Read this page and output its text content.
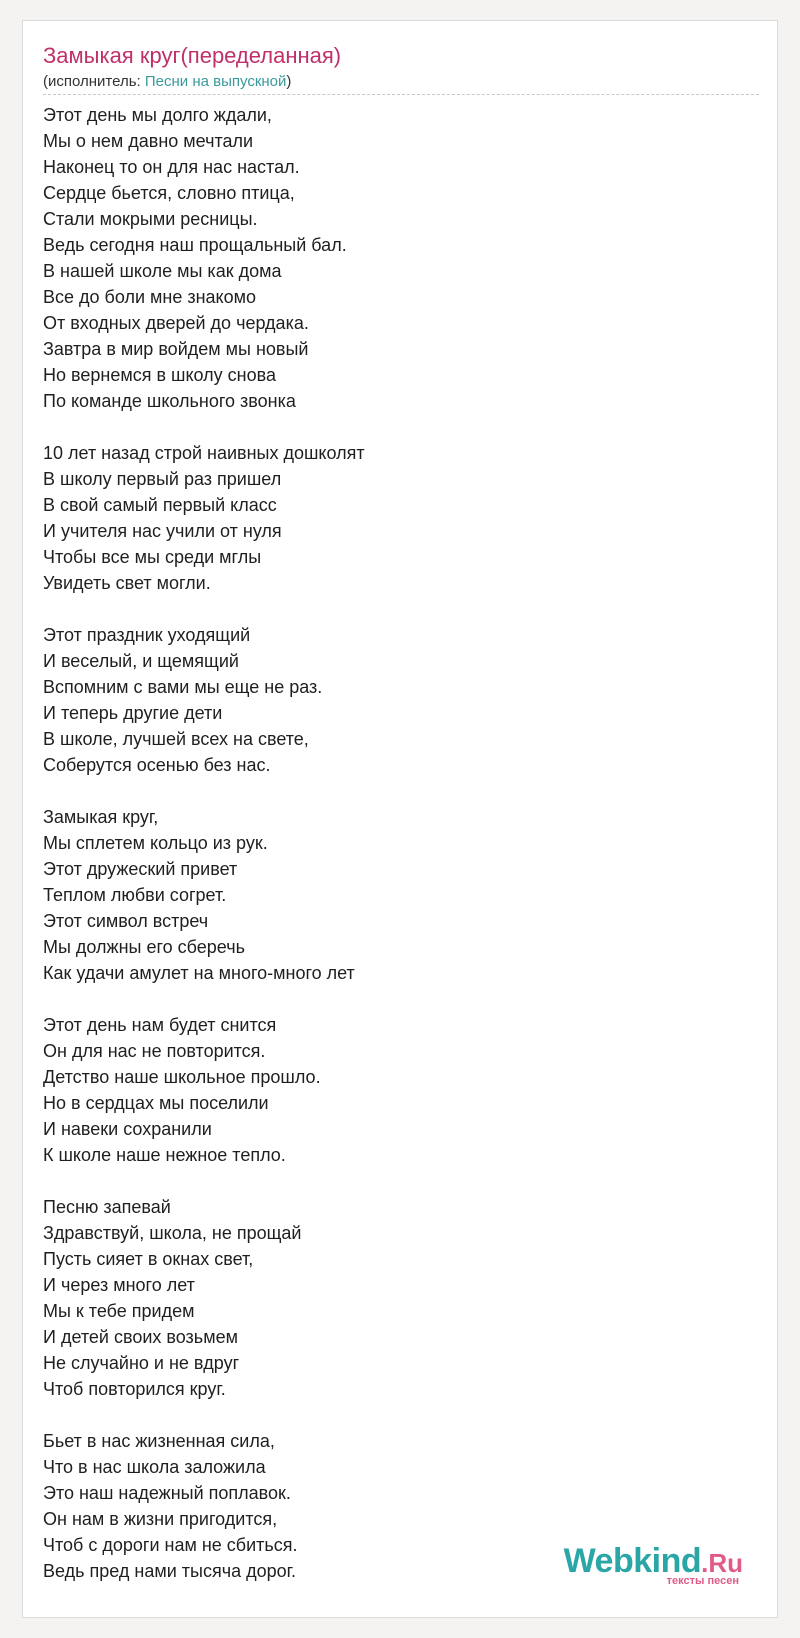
Замыкая круг(переделанная)
(исполнитель: Песни на выпускной)
Этот день мы долго ждали,
Мы о нем давно мечтали
Наконец то он для нас настал.
Сердце бьется, словно птица,
Стали мокрыми ресницы.
Ведь сегодня наш прощальный бал.
В нашей школе мы как дома
Все до боли мне знакомо
От входных дверей до чердака.
Завтра в мир войдем мы новый
Но вернемся в школу снова
По команде школьного звонка
10 лет назад строй наивных дошколят
В школу первый раз пришел
В свой самый первый класс
И учителя нас учили от нуля
Чтобы все мы среди мглы
Увидеть свет могли.
Этот праздник уходящий
И веселый, и щемящий
Вспомним с вами мы еще не раз.
И теперь другие дети
В школе, лучшей всех на свете,
Соберутся осенью без нас.
Замыкая круг,
Мы сплетем кольцо из рук.
Этот дружеский привет
Теплом любви согрет.
Этот символ встреч
Мы должны его сберечь
Как удачи амулет на много-много лет
Этот день нам будет снится
Он для нас не повторится.
Детство наше школьное прошло.
Но в сердцах мы поселили
И навеки сохранили
К школе наше нежное тепло.
Песню запевай
Здравствуй, школа, не прощай
Пусть сияет в окнах свет,
И через много лет
Мы к тебе придем
И детей своих возьмем
Не случайно и не вдруг
Чтоб повторился круг.
Бьет в нас жизненная сила,
Что в нас школа заложила
Это наш надежный поплавок.
Он нам в жизни пригодится,
Чтоб с дороги нам не сбиться.
Ведь пред нами тысяча дорог.	Webkind.Ru
тексты песен
